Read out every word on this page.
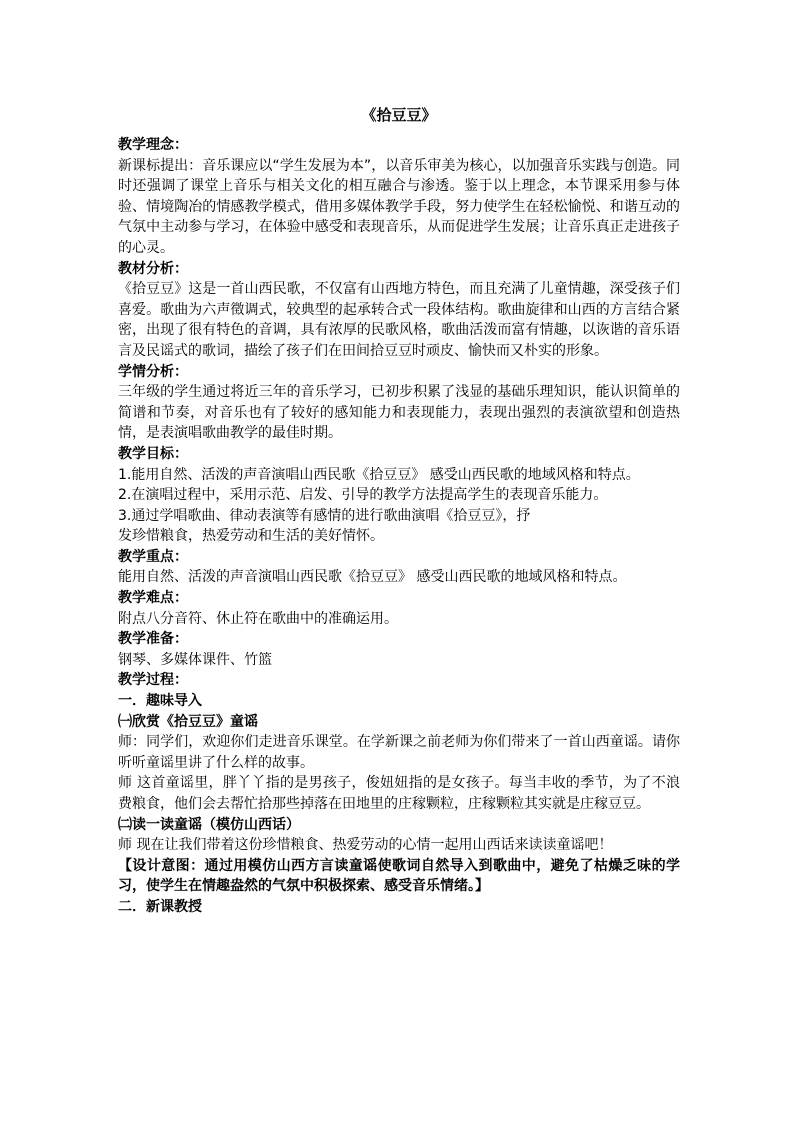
《拾豆豆》

教学理念：

新课标提出：音乐课应以“学生发展为本”，以音乐审美为核心，以加强音乐实践与创造。同时还强调了课堂上音乐与相关文化的相互融合与渗透。鉴于以上理念，本节课采用参与体验、情境陶冶的情感教学模式，借用多媒体教学手段，努力使学生在轻松愉悦、和谐互动的气氛中主动参与学习，在体验中感受和表现音乐，从而促进学生发展；让音乐真正走进孩子的心灵。

教材分析：

《拾豆豆》这是一首山西民歌，不仅富有山西地方特色，而且充满了儿童情趣，深受孩子们喜爱。歌曲为六声徵调式，较典型的起承转合式一段体结构。歌曲旋律和山西的方言结合紧密，出现了很有特色的音调，具有浓厚的民歌风格，歌曲活泼而富有情趣，以诙谐的音乐语言及民谣式的歌词，描绘了孩子们在田间拾豆豆时顽皮、愉快而又朴实的形象。

学情分析：

三年级的学生通过将近三年的音乐学习，已初步积累了浅显的基础乐理知识，能认识简单的简谱和节奏，对音乐也有了较好的感知能力和表现能力，表现出强烈的表演欲望和创造热情，是表演唱歌曲教学的最佳时期。

教学目标：

1.能用自然、活泼的声音演唱山西民歌《拾豆豆》 感受山西民歌的地域风格和特点。

2.在演唱过程中，采用示范、启发、引导的教学方法提高学生的表现音乐能力。

3.通过学唱歌曲、律动表演等有感情的进行歌曲演唱《拾豆豆》，抒

发珍惜粮食，热爱劳动和生活的美好情怀。

教学重点：

能用自然、活泼的声音演唱山西民歌《拾豆豆》 感受山西民歌的地域风格和特点。

教学难点：

附点八分音符、休止符在歌曲中的准确运用。

教学准备：

钢琴、多媒体课件、竹篮

教学过程：

一．趣味导入

㈠欣赏《拾豆豆》童谣

师：同学们，欢迎你们走进音乐课堂。在学新课之前老师为你们带来了一首山西童谣。请你听听童谣里讲了什么样的故事。

师 这首童谣里，胖丫丫指的是男孩子，俊妞妞指的是女孩子。每当丰收的季节，为了不浪费粮食，他们会去帮忙拾那些掉落在田地里的庄稼颗粒，庄稼颗粒其实就是庄稼豆豆。

㈡读一读童谣（模仿山西话）

师 现在让我们带着这份珍惜粮食、热爱劳动的心情一起用山西话来读读童谣吧！

【设计意图：通过用模仿山西方言读童谣使歌词自然导入到歌曲中，避免了枯燥乏味的学习，使学生在情趣盎然的气氛中积极探索、感受音乐情绪。】

二．新课教授
